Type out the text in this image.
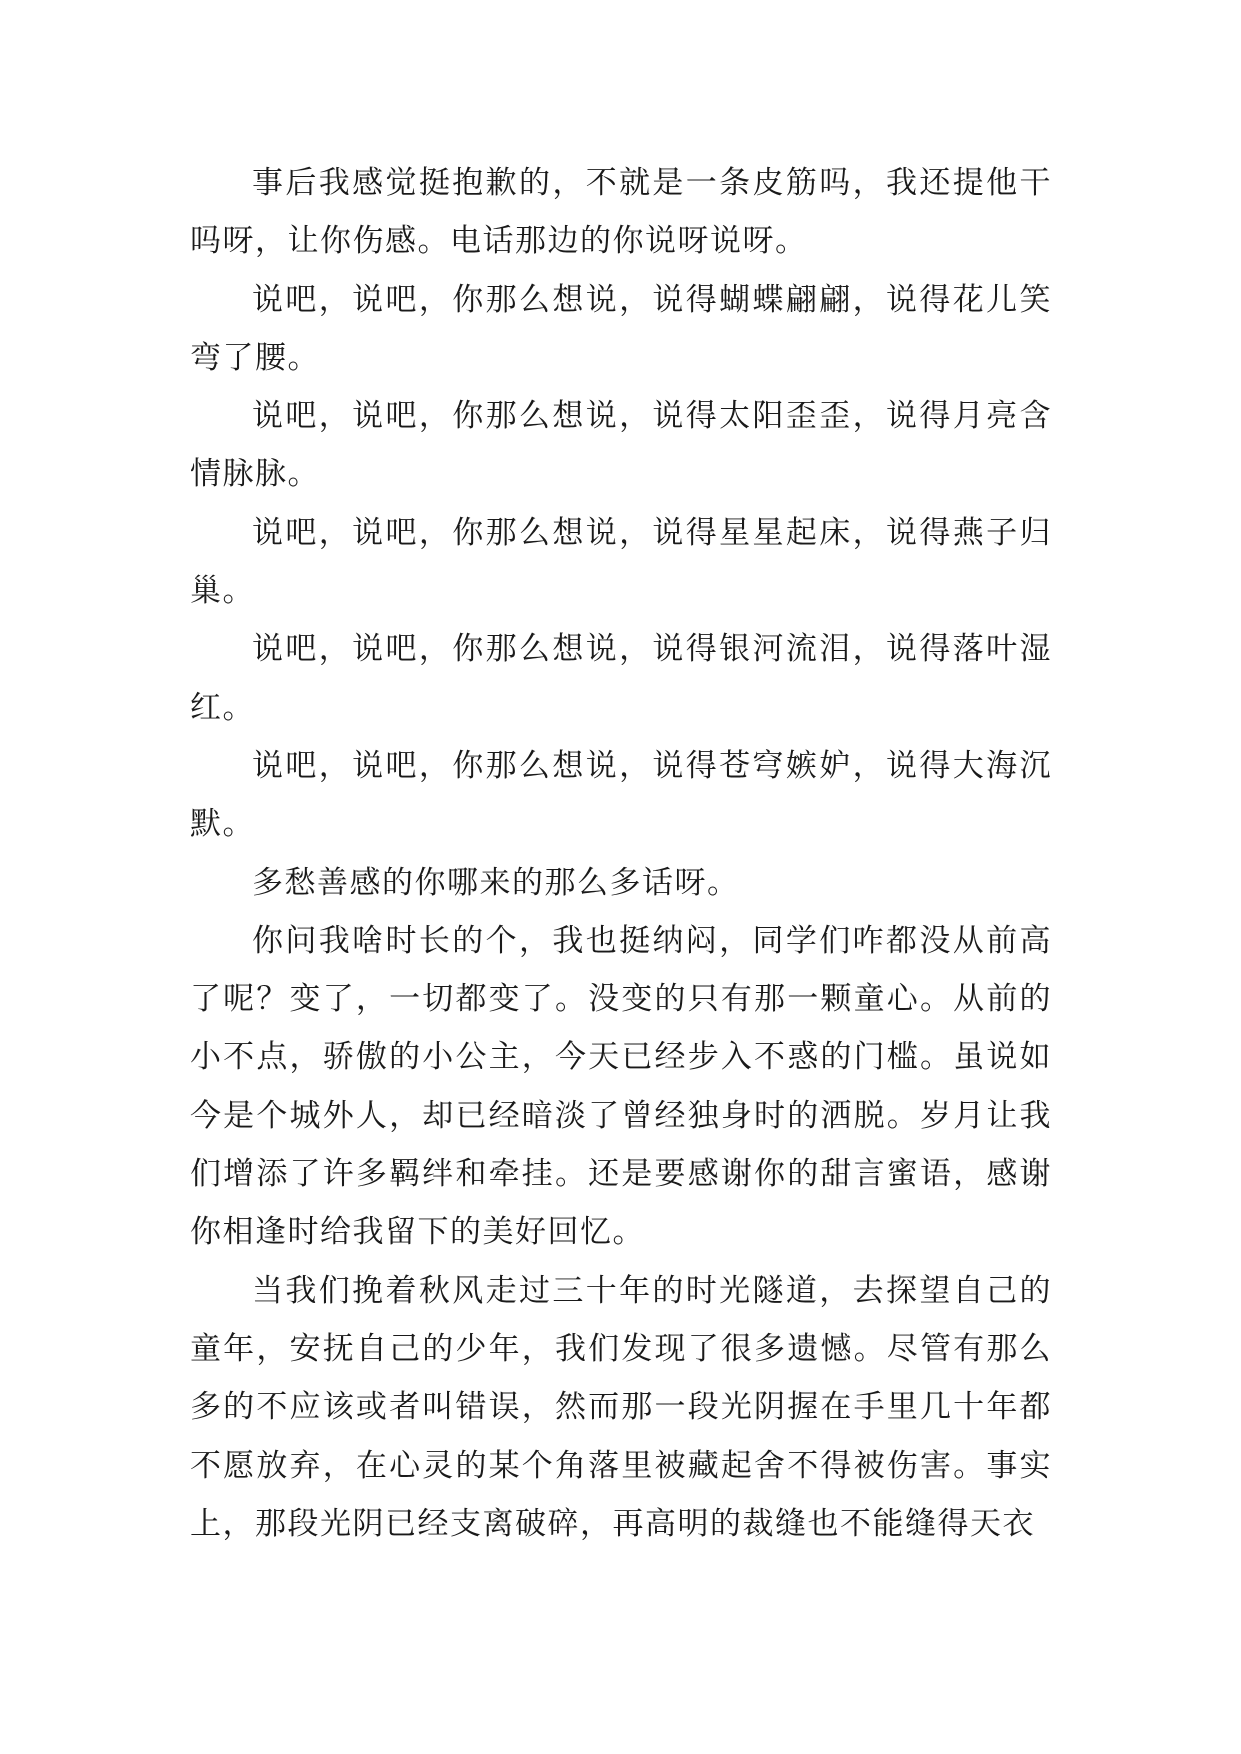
事后我感觉挺抱歉的，不就是一条皮筋吗，我还提他干吗呀，让你伤感。电话那边的你说呀说呀。

说吧，说吧，你那么想说，说得蝴蝶翩翩，说得花儿笑弯了腰。

说吧，说吧，你那么想说，说得太阳歪歪，说得月亮含情脉脉。

说吧，说吧，你那么想说，说得星星起床，说得燕子归巢。

说吧，说吧，你那么想说，说得银河流泪，说得落叶湿红。

说吧，说吧，你那么想说，说得苍穹嫉妒，说得大海沉默。

多愁善感的你哪来的那么多话呀。

你问我啥时长的个，我也挺纳闷，同学们咋都没从前高了呢？变了，一切都变了。没变的只有那一颗童心。从前的小不点，骄傲的小公主，今天已经步入不惑的门槛。虽说如今是个城外人，却已经暗淡了曾经独身时的洒脱。岁月让我们增添了许多羁绊和牵挂。还是要感谢你的甜言蜜语，感谢你相逢时给我留下的美好回忆。

当我们挽着秋风走过三十年的时光隧道，去探望自己的童年，安抚自己的少年，我们发现了很多遗憾。尽管有那么多的不应该或者叫错误，然而那一段光阴握在手里几十年都不愿放弃，在心灵的某个角落里被藏起舍不得被伤害。事实上，那段光阴已经支离破碎，再高明的裁缝也不能缝得天衣
